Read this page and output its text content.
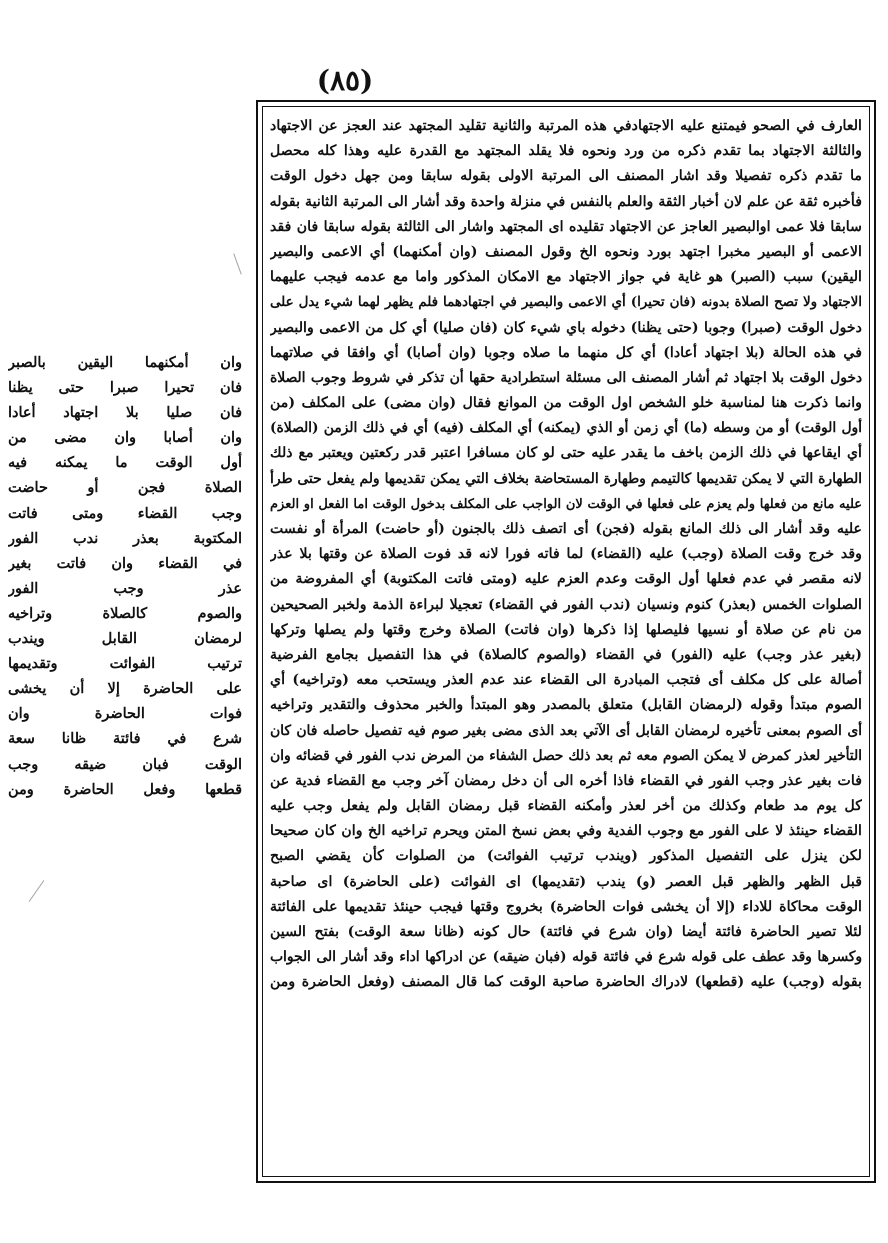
(٨٥)
العارف في الصحو فيمتنع عليه الاجتهادفي هذه المرتبة والثانية تقليد المجتهد عند العجز عن الاجتهاد
والثالثة الاجتهاد بما تقدم ذكره من ورد ونحوه فلا يقلد المجتهد مع القدرة عليه وهذا كله محصل
ما تقدم ذكره تفصيلا وقد اشار المصنف الى المرتبة الاولى بقوله سابقا ومن جهل دخول الوقت
فأخبره ثقة عن علم لان أخبار الثقة والعلم بالنفس في منزلة واحدة وقد أشار الى المرتبة الثانية بقوله
سابقا فلا عمى اوالبصير العاجز عن الاجتهاد تقليده اى المجتهد واشار الى الثالثة بقوله سابقا فان فقد
الاعمى أو البصير مخبرا اجتهد بورد ونحوه الخ وقول المصنف (وان أمكنهما) أي الاعمى والبصير
اليقين) سبب (الصبر) هو غاية في جواز الاجتهاد مع الامكان المذكور واما مع عدمه فيجب عليهما
الاجتهاد ولا تصح الصلاة بدونه (فان تحيرا) أي الاعمى والبصير في اجتهادهما فلم يظهر لهما شيء يدل على
دخول الوقت (صبرا) وجوبا (حتى يظنا) دخوله باي شيء كان (فان صليا) أي كل من الاعمى والبصير
في هذه الحالة (بلا اجتهاد أعادا) أي كل منهما ما صلاه وجوبا (وان أصابا) أي وافقا في صلاتهما
دخول الوقت بلا اجتهاد ثم أشار المصنف الى مسئلة استطرادية حقها أن تذكر في شروط وجوب الصلاة
وانما ذكرت هنا لمناسبة خلو الشخص اول الوقت من الموانع فقال (وان مضى) على المكلف (من
أول الوقت) أو من وسطه (ما) أي زمن أو الذي (يمكنه) أي المكلف (فيه) أي في ذلك الزمن (الصلاة)
أي ايقاعها في ذلك الزمن باخف ما يقدر عليه حتى لو كان مسافرا اعتبر قدر ركعتين ويعتبر مع ذلك
الطهارة التي لا يمكن تقديمها كالتيمم وطهارة المستحاضة بخلاف التي يمكن تقديمها ولم يفعل حتى طرأ
عليه مانع من فعلها ولم يعزم على فعلها في الوقت لان الواجب على المكلف بدخول الوقت اما الفعل او العزم
عليه وقد أشار الى ذلك المانع بقوله (فجن) أى اتصف ذلك بالجنون (أو حاضت) المرأة أو نفست
وقد خرج وقت الصلاة (وجب) عليه (القضاء) لما فاته فورا لانه قد فوت الصلاة عن وقتها بلا عذر
لانه مقصر في عدم فعلها أول الوقت وعدم العزم عليه (ومتى فاتت المكتوبة) أي المفروضة من
الصلوات الخمس (بعذر) كنوم ونسيان (ندب الفور في القضاء) تعجيلا لبراءة الذمة ولخبر الصحيحين
من نام عن صلاة أو نسيها فليصلها إذا ذكرها (وان فاتت) الصلاة وخرج وقتها ولم يصلها وتركها
(بغير عذر وجب) عليه (الفور) في القضاء (والصوم كالصلاة) في هذا التفصيل بجامع الفرضية
أصالة على كل مكلف أى فتجب المبادرة الى القضاء عند عدم العذر ويستحب معه (وتراخيه) أي
الصوم مبتدأ وقوله (لرمضان القابل) متعلق بالمصدر وهو المبتدأ والخبر محذوف والتقدير وتراخيه
أى الصوم بمعنى تأخيره لرمضان القابل أى الآتي بعد الذى مضى بغير صوم فيه تفصيل حاصله فان كان
التأخير لعذر كمرض لا يمكن الصوم معه ثم بعد ذلك حصل الشفاء من المرض ندب الفور في قضائه وان
فات بغير عذر وجب الفور في القضاء فاذا أخره الى أن دخل رمضان آخر وجب مع القضاء فدية عن
كل يوم مد طعام وكذلك من أخر لعذر وأمكنه القضاء قبل رمضان القابل ولم يفعل وجب عليه
القضاء حينئذ لا على الفور مع وجوب الفدية وفي بعض نسخ المتن ويحرم تراخيه الخ وان كان صحيحا
لكن ينزل على التفصيل المذكور (ويندب ترتيب الفوائت) من الصلوات كأن يقضي الصبح
قبل الظهر والظهر قبل العصر (و) يندب (تقديمها) اى الفوائت (على الحاضرة) اى صاحبة
الوقت محاكاة للاداء (إلا أن يخشى فوات الحاضرة) بخروج وقتها فيجب حينئذ تقديمها على الفائتة
لئلا تصير الحاضرة فائتة أيضا (وان شرع في فائتة) حال كونه (ظانا سعة الوقت) بفتح السين
وكسرها وقد عطف على قوله شرع في فائتة قوله (فبان ضيقه) عن ادراكها اداء وقد أشار الى الجواب
بقوله (وجب) عليه (قطعها) لادراك الحاضرة صاحبة الوقت كما قال المصنف (وفعل الحاضرة ومن
وان أمكنهما اليقين بالصبر
فان تحيرا صبرا حتى يظنا
فان صليا بلا اجتهاد أعادا
وان أصابا وان مضى من
أول الوقت ما يمكنه فيه
الصلاة فجن أو حاضت
وجب القضاء ومتى فاتت
المكتوبة بعذر ندب الفور
في القضاء وان فاتت بغير
عذر وجب الفور
والصوم كالصلاة وتراخيه
لرمضان القابل ويندب
ترتيب الفوائت وتقديمها
على الحاضرة إلا أن يخشى
فوات الحاضرة وان
شرع في فائتة ظانا سعة
الوقت فبان ضيقه وجب
قطعها وفعل الحاضرة ومن
